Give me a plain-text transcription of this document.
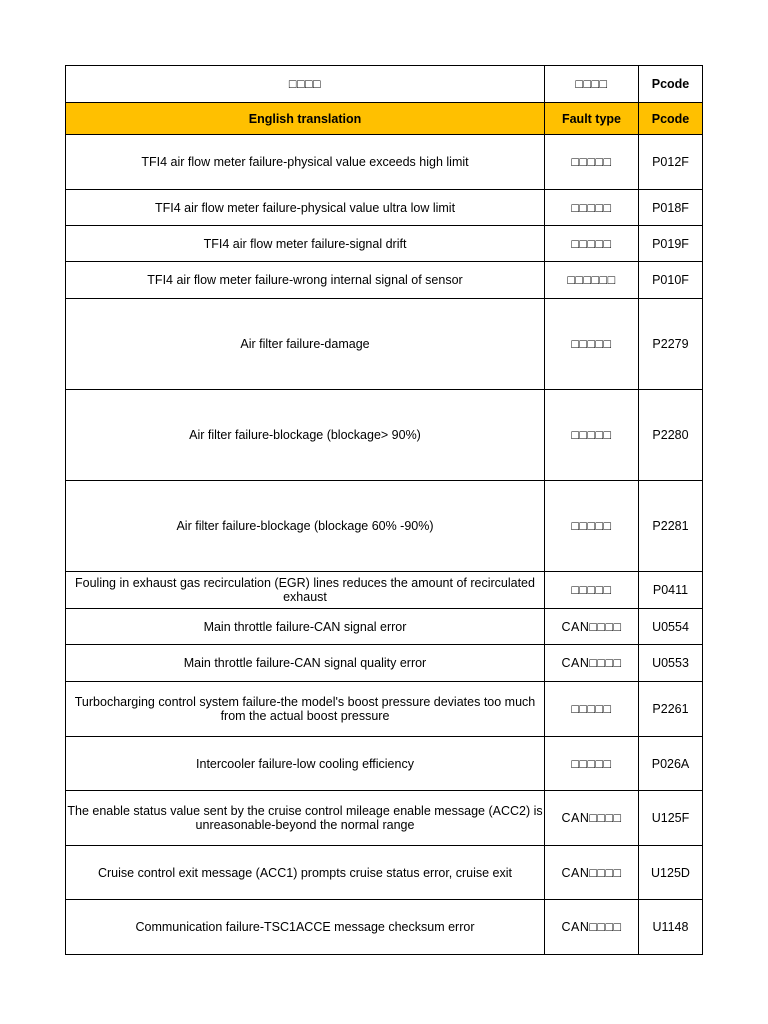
□□□□	□□□□	Pcode
English translation	Fault type	Pcode
TFI4 air flow meter failure-physical value exceeds high limit	□□□□□	P012F
TFI4 air flow meter failure-physical value ultra low limit	□□□□□	P018F
TFI4 air flow meter failure-signal drift	□□□□□	P019F
TFI4 air flow meter failure-wrong internal signal of sensor	□□□□□□	P010F
Air filter failure-damage	□□□□□	P2279
Air filter failure-blockage (blockage> 90%)	□□□□□	P2280
Air filter failure-blockage (blockage 60% -90%)	□□□□□	P2281
Fouling in exhaust gas recirculation (EGR) lines reduces the amount of recirculated exhaust	□□□□□	P0411
Main throttle failure-CAN signal error	CAN□□□□	U0554
Main throttle failure-CAN signal quality error	CAN□□□□	U0553
Turbocharging control system failure-the model's boost pressure deviates too much from the actual boost pressure	□□□□□	P2261
Intercooler failure-low cooling efficiency	□□□□□	P026A
The enable status value sent by the cruise control mileage enable message (ACC2) is unreasonable-beyond the normal range	CAN□□□□	U125F
Cruise control exit message (ACC1) prompts cruise status error, cruise exit	CAN□□□□	U125D
Communication failure-TSC1ACCE message checksum error	CAN□□□□	U1148
